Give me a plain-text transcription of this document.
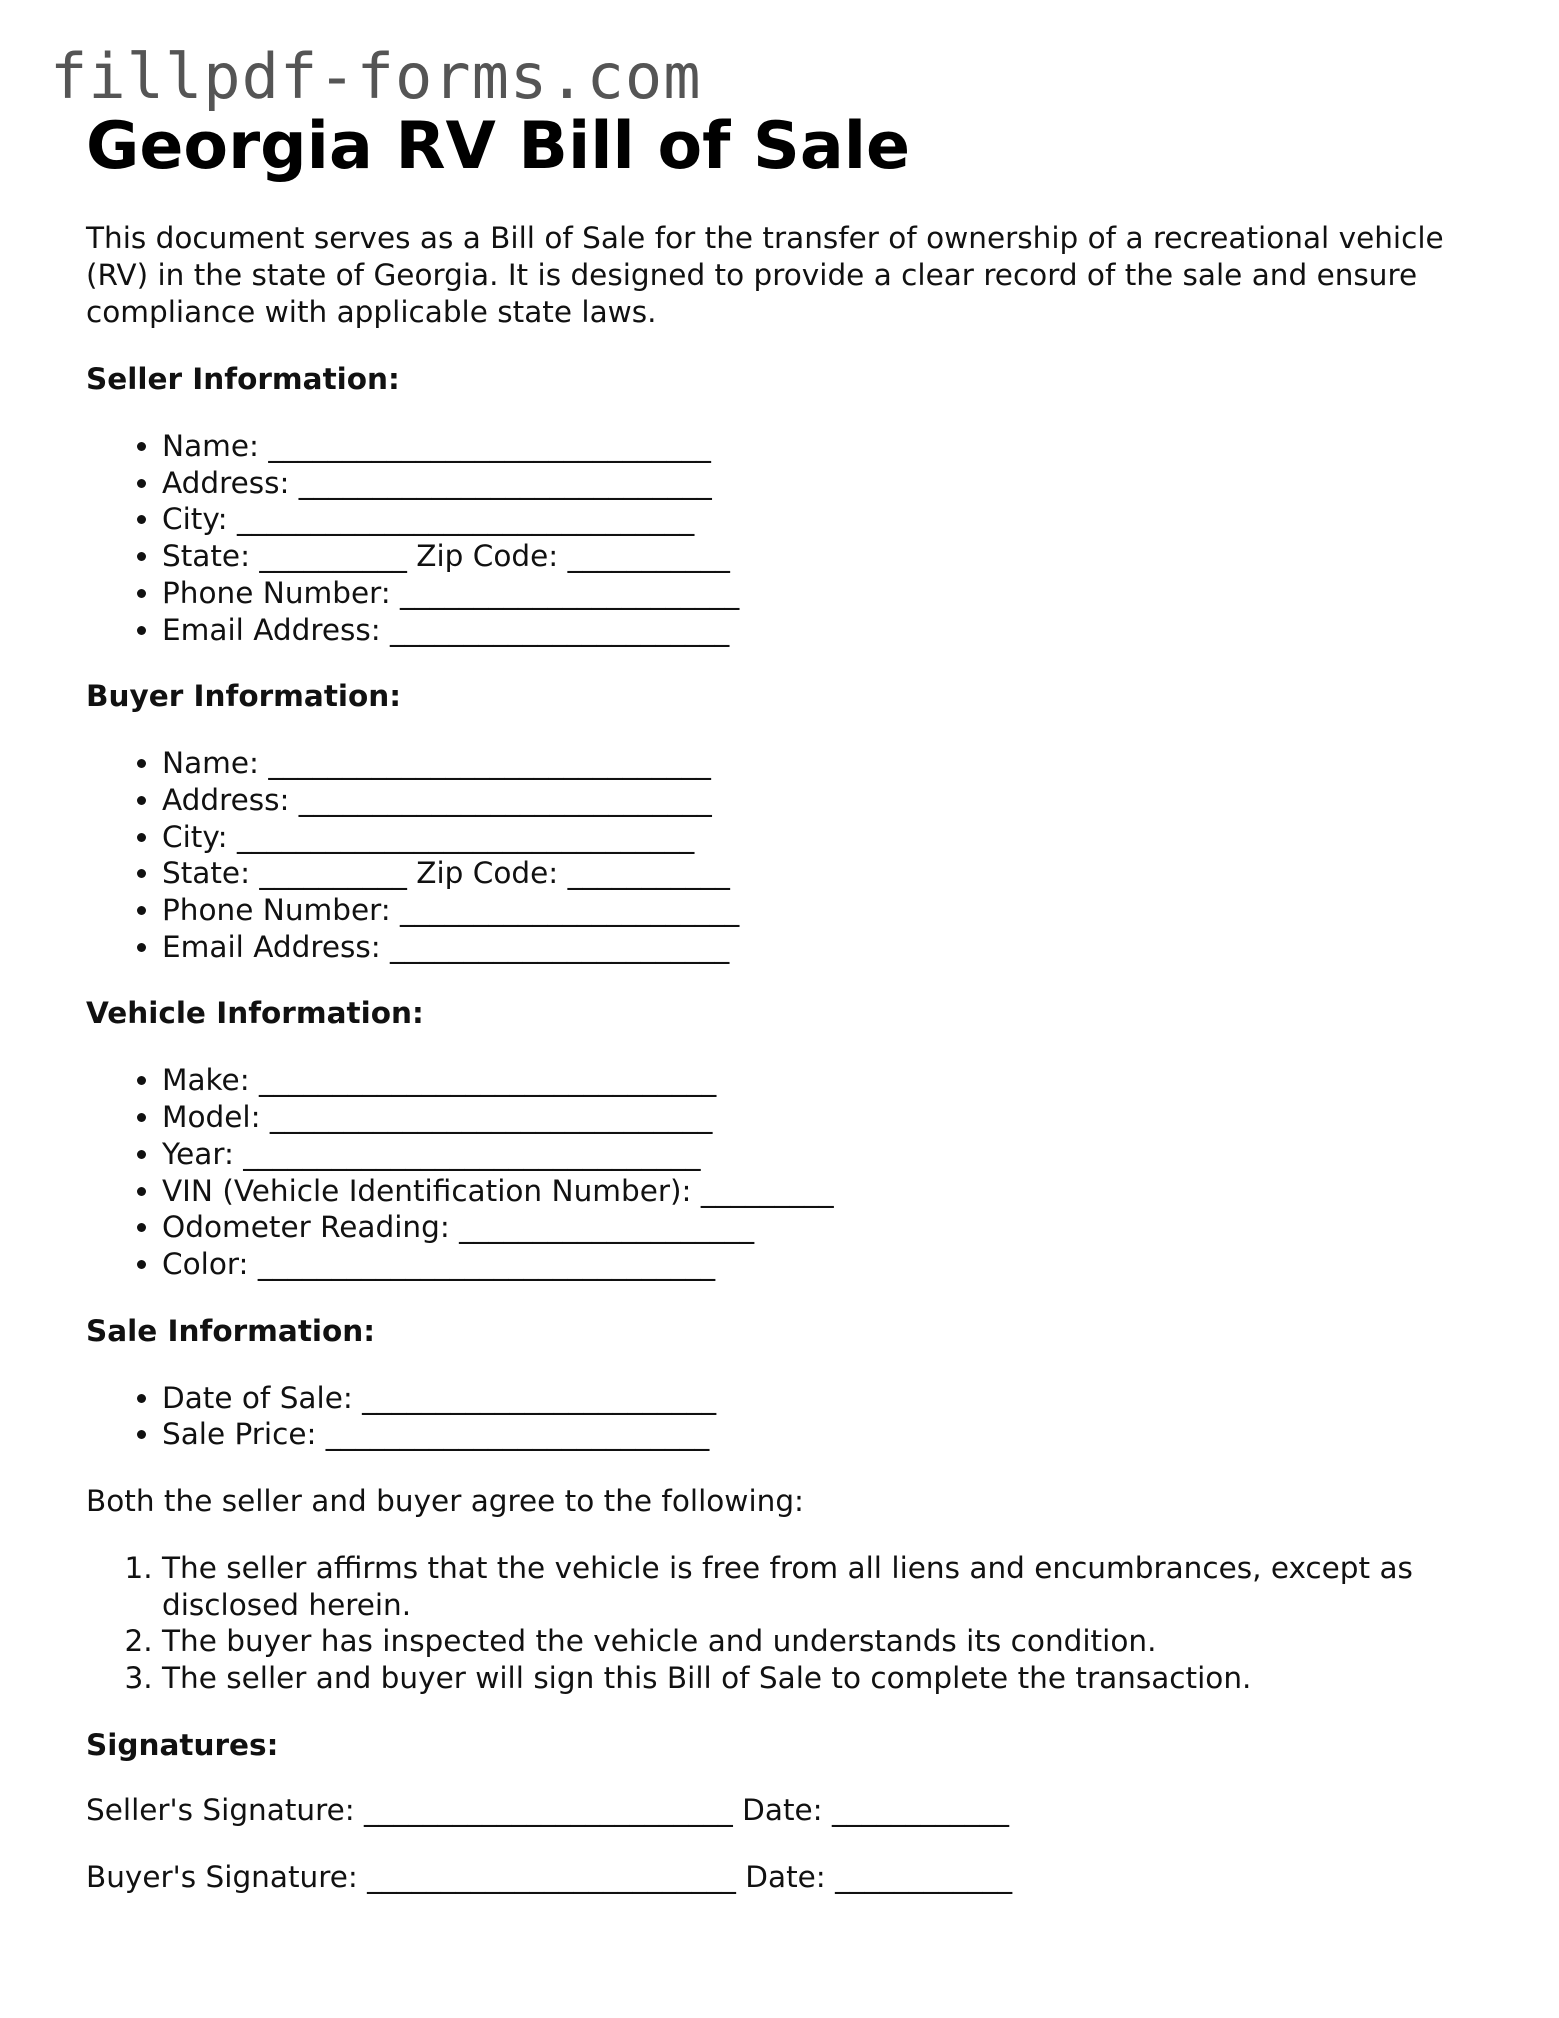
fillpdf-forms.com
Georgia RV Bill of Sale

This document serves as a Bill of Sale for the transfer of ownership of a recreational vehicle (RV) in the state of Georgia. It is designed to provide a clear record of the sale and ensure compliance with applicable state laws.

Seller Information:
• Name: ______________________________
• Address: ____________________________
• City: _______________________________
• State: __________ Zip Code: ___________
• Phone Number: _______________________
• Email Address: _______________________
Buyer Information:
• Name: ______________________________
• Address: ____________________________
• City: _______________________________
• State: __________ Zip Code: ___________
• Phone Number: _______________________
• Email Address: _______________________
Vehicle Information:
• Make: _______________________________
• Model: ______________________________
• Year: _______________________________
• VIN (Vehicle Identification Number): _________
• Odometer Reading: ____________________
• Color: _______________________________
Sale Information:
• Date of Sale: ________________________
• Sale Price: __________________________

Both the seller and buyer agree to the following:

1. The seller affirms that the vehicle is free from all liens and encumbrances, except as disclosed herein.
2. The buyer has inspected the vehicle and understands its condition.
3. The seller and buyer will sign this Bill of Sale to complete the transaction.
Signatures:

Seller's Signature: _________________________ Date: ____________

Buyer's Signature: _________________________ Date: ____________
